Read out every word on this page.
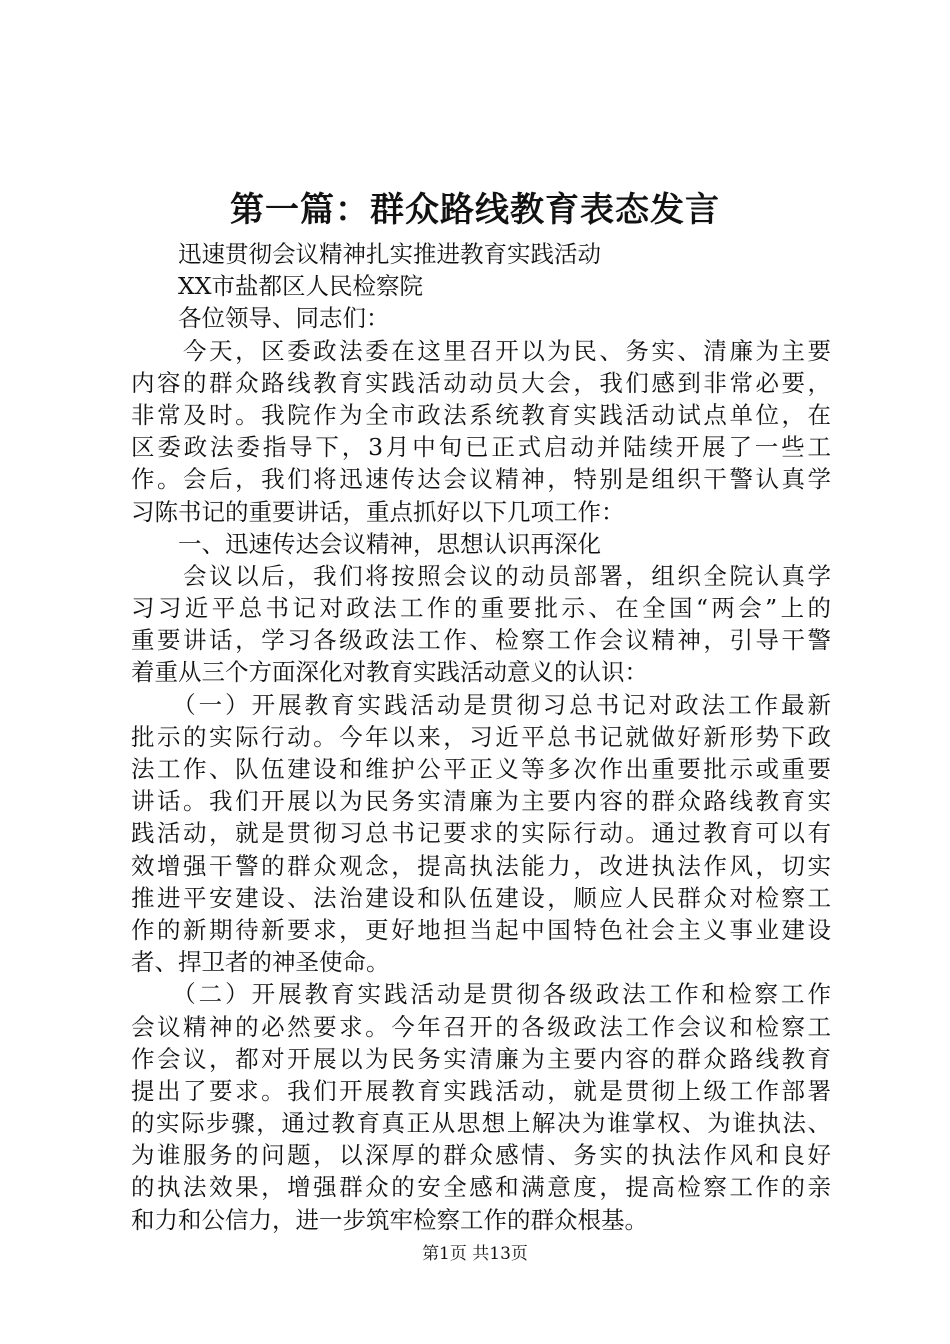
第一篇：群众路线教育表态发言
　　迅速贯彻会议精神扎实推进教育实践活动
　　XX市盐都区人民检察院
　　各位领导、同志们：
　　今天，区委政法委在这里召开以为民、务实、清廉为主要
内容的群众路线教育实践活动动员大会，我们感到非常必要，
非常及时。我院作为全市政法系统教育实践活动试点单位，在
区委政法委指导下，3月中旬已正式启动并陆续开展了一些工
作。会后，我们将迅速传达会议精神，特别是组织干警认真学
习陈书记的重要讲话，重点抓好以下几项工作：
　　一、迅速传达会议精神，思想认识再深化
　　会议以后，我们将按照会议的动员部署，组织全院认真学
习习近平总书记对政法工作的重要批示、在全国“两会”上的
重要讲话，学习各级政法工作、检察工作会议精神，引导干警
着重从三个方面深化对教育实践活动意义的认识：
　　（一）开展教育实践活动是贯彻习总书记对政法工作最新
批示的实际行动。今年以来，习近平总书记就做好新形势下政
法工作、队伍建设和维护公平正义等多次作出重要批示或重要
讲话。我们开展以为民务实清廉为主要内容的群众路线教育实
践活动，就是贯彻习总书记要求的实际行动。通过教育可以有
效增强干警的群众观念，提高执法能力，改进执法作风，切实
推进平安建设、法治建设和队伍建设，顺应人民群众对检察工
作的新期待新要求，更好地担当起中国特色社会主义事业建设
者、捍卫者的神圣使命。
　　（二）开展教育实践活动是贯彻各级政法工作和检察工作
会议精神的必然要求。今年召开的各级政法工作会议和检察工
作会议，都对开展以为民务实清廉为主要内容的群众路线教育
提出了要求。我们开展教育实践活动，就是贯彻上级工作部署
的实际步骤，通过教育真正从思想上解决为谁掌权、为谁执法、
为谁服务的问题，以深厚的群众感情、务实的执法作风和良好
的执法效果，增强群众的安全感和满意度，提高检察工作的亲
和力和公信力，进一步筑牢检察工作的群众根基。
第1页 共13页
